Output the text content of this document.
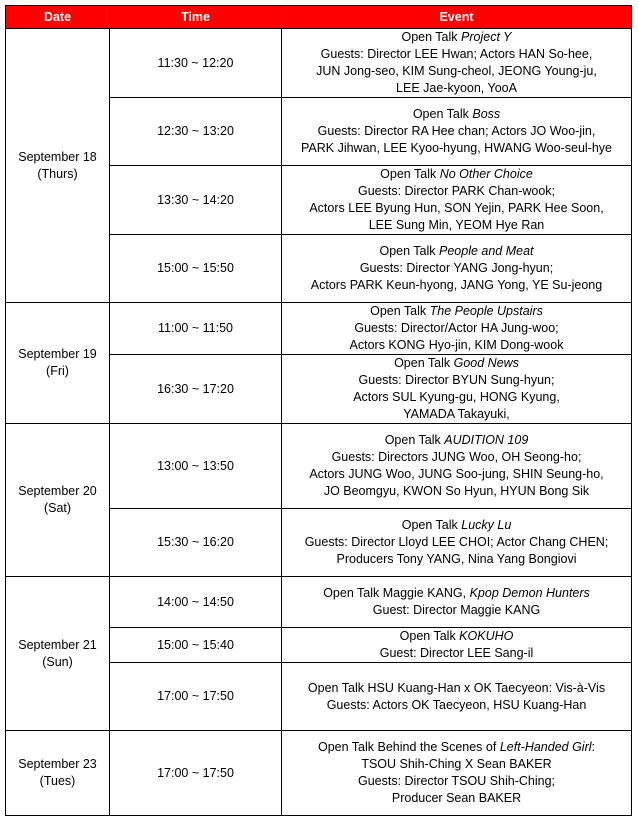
Date	Time	Event

September 18
(Thurs)	11:30 ~ 12:20	Open Talk Project Y
Guests: Director LEE Hwan; Actors HAN So-hee,
JUN Jong-seo, KIM Sung-cheol, JEONG Young-ju,
LEE Jae-kyoon, YooA

	12:30 ~ 13:20	Open Talk Boss
Guests: Director RA Hee chan; Actors JO Woo-jin,
PARK Jihwan, LEE Kyoo-hyung, HWANG Woo-seul-hye

	13:30 ~ 14:20	Open Talk No Other Choice
Guests: Director PARK Chan-wook;
Actors LEE Byung Hun, SON Yejin, PARK Hee Soon,
LEE Sung Min, YEOM Hye Ran

	15:00 ~ 15:50	Open Talk People and Meat
Guests: Director YANG Jong-hyun;
Actors PARK Keun-hyong, JANG Yong, YE Su-jeong

September 19
(Fri)	11:00 ~ 11:50	Open Talk The People Upstairs
Guests: Director/Actor HA Jung-woo;
Actors KONG Hyo-jin, KIM Dong-wook

	16:30 ~ 17:20	Open Talk Good News
Guests: Director BYUN Sung-hyun;
Actors SUL Kyung-gu, HONG Kyung,
YAMADA Takayuki,

September 20
(Sat)	13:00 ~ 13:50	Open Talk AUDITION 109
Guests: Directors JUNG Woo, OH Seong-ho;
Actors JUNG Woo, JUNG Soo-jung, SHIN Seung-ho,
JO Beomgyu, KWON So Hyun, HYUN Bong Sik

	15:30 ~ 16:20	Open Talk Lucky Lu
Guests: Director Lloyd LEE CHOI; Actor Chang CHEN;
Producers Tony YANG, Nina Yang Bongiovi

September 21
(Sun)	14:00 ~ 14:50	Open Talk Maggie KANG, Kpop Demon Hunters
Guest: Director Maggie KANG

	15:00 ~ 15:40	Open Talk KOKUHO
Guest: Director LEE Sang-il

	17:00 ~ 17:50	Open Talk HSU Kuang-Han x OK Taecyeon: Vis-à-Vis
Guests: Actors OK Taecyeon, HSU Kuang-Han

September 23
(Tues)	17:00 ~ 17:50	Open Talk Behind the Scenes of Left-Handed Girl:
TSOU Shih-Ching X Sean BAKER
Guests: Director TSOU Shih-Ching;
Producer Sean BAKER
